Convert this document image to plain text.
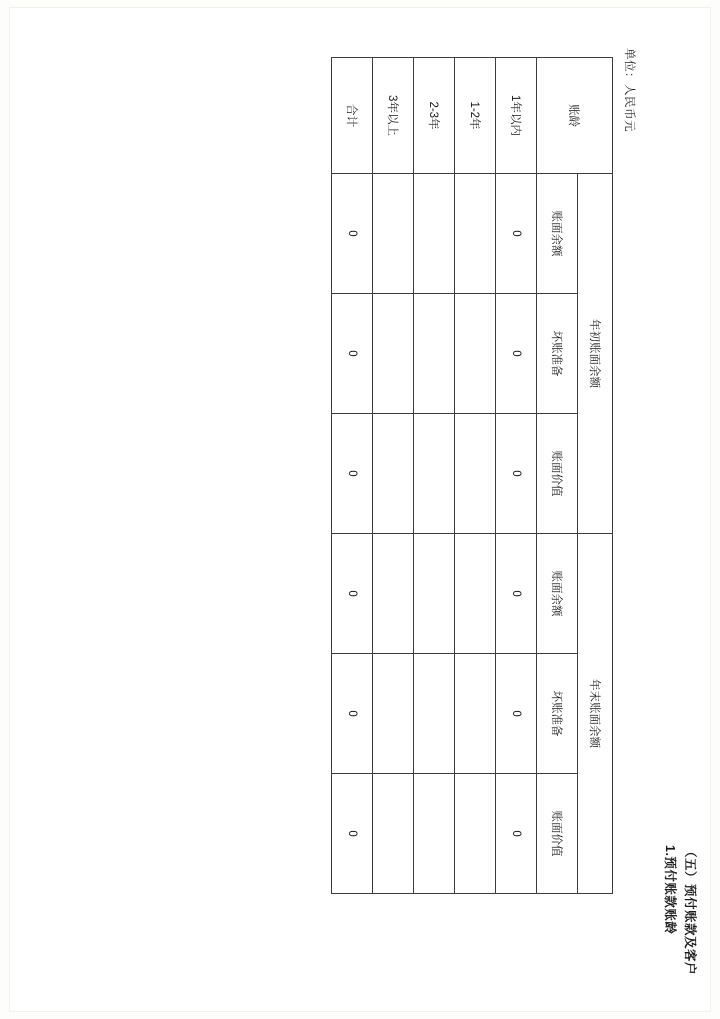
单位：人民币元
（五）预付账款及客户
1.预付账款账龄
账龄	年初账面余额			年末账面余额		
	账面余额	坏账准备	账面价值	账面余额	坏账准备	账面价值
1年以内	0	0	0	0	0	0
1-2年						
2-3年						
3年以上						
合计	0	0	0	0	0	0
